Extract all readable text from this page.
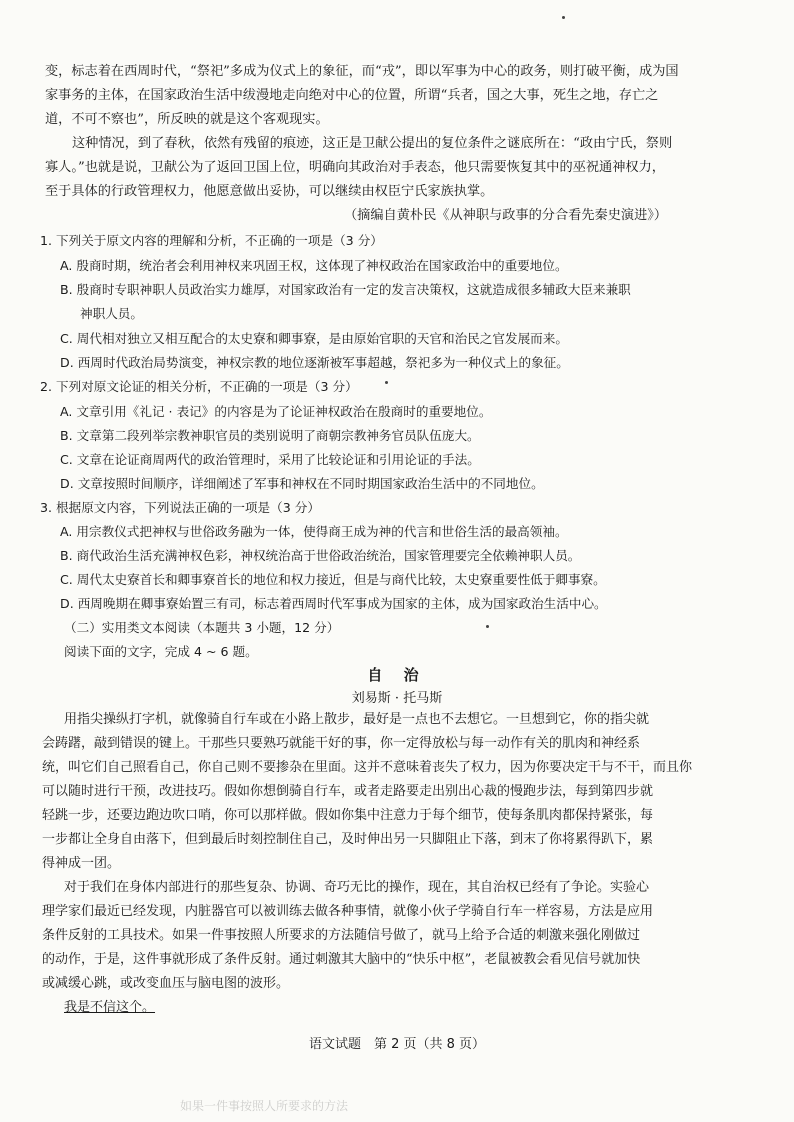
变，标志着在西周时代，“祭祀”多成为仪式上的象征，而“戎”，即以军事为中心的政务，则打破平衡，成为国
家事务的主体，在国家政治生活中绂漫地走向绝对中心的位置，所谓“兵者，国之大事，死生之地，存亡之
道，不可不察也”，所反映的就是这个客观现实。
这种情况，到了春秋，依然有残留的痕迹，这正是卫献公提出的复位条件之谜底所在：“政由宁氏，祭则
寡人。”也就是说，卫献公为了返回卫国上位，明确向其政治对手表态，他只需要恢复其中的巫祝通神权力，
至于具体的行政管理权力，他愿意做出妥协，可以继续由权臣宁氏家族执掌。
（摘编自黄朴民《从神职与政事的分合看先秦史演进》）
1. 下列关于原文内容的理解和分析，不正确的一项是（3 分）
A. 殷商时期，统治者会利用神权来巩固王权，这体现了神权政治在国家政治中的重要地位。
B. 殷商时专职神职人员政治实力雄厚，对国家政治有一定的发言决策权，这就造成很多辅政大臣来兼职
神职人员。
C. 周代相对独立又相互配合的太史寮和卿事寮，是由原始官职的天官和治民之官发展而来。
D. 西周时代政治局势演变，神权宗教的地位逐渐被军事超越，祭祀多为一种仪式上的象征。
2. 下列对原文论证的相关分析，不正确的一项是（3 分）
A. 文章引用《礼记 · 表记》的内容是为了论证神权政治在殷商时的重要地位。
B. 文章第二段列举宗教神职官员的类别说明了商朝宗教神务官员队伍庞大。
C. 文章在论证商周两代的政治管理时，采用了比较论证和引用论证的手法。
D. 文章按照时间顺序，详细阐述了军事和神权在不同时期国家政治生活中的不同地位。
3. 根据原文内容，下列说法正确的一项是（3 分）
A. 用宗教仪式把神权与世俗政务融为一体，使得商王成为神的代言和世俗生活的最高领袖。
B. 商代政治生活充满神权色彩，神权统治高于世俗政治统治，国家管理要完全依赖神职人员。
C. 周代太史寮首长和卿事寮首长的地位和权力接近，但是与商代比较，太史寮重要性低于卿事寮。
D. 西周晚期在卿事寮始置三有司，标志着西周时代军事成为国家的主体，成为国家政治生活中心。
（二）实用类文本阅读（本题共 3 小题，12 分）
阅读下面的文字，完成 4 ~ 6 题。
自 治
刘易斯 · 托马斯
用指尖操纵打字机，就像骑自行车或在小路上散步，最好是一点也不去想它。一旦想到它，你的指尖就
会踌躇，敲到错误的键上。干那些只要熟巧就能干好的事，你一定得放松与每一动作有关的肌肉和神经系
统，叫它们自己照看自己，你自己则不要掺杂在里面。这并不意味着丧失了权力，因为你要决定干与不干，而且你
可以随时进行干预，改进技巧。假如你想倒骑自行车，或者走路要走出别出心裁的慢跑步法，每到第四步就
轻跳一步，还要边跑边吹口哨，你可以那样做。假如你集中注意力于每个细节，使每条肌肉都保持紧张，每
一步都让全身自由落下，但到最后时刻控制住自己，及时伸出另一只脚阻止下落，到末了你将累得趴下，累
得神成一团。
对于我们在身体内部进行的那些复杂、协调、奇巧无比的操作，现在，其自治权已经有了争论。实验心
理学家们最近已经发现，内脏器官可以被训练去做各种事情，就像小伙子学骑自行车一样容易，方法是应用
条件反射的工具技术。如果一件事按照人所要求的方法随信号做了，就马上给予合适的刺激来强化刚做过
的动作，于是，这件事就形成了条件反射。通过刺激其大脑中的“快乐中枢”，老鼠被教会看见信号就加快
或减缓心跳，或改变血压与脑电图的波形。
我是不信这个。
语文试题　第 2 页（共 8 页）
如果一件事按照人所要求的方法
